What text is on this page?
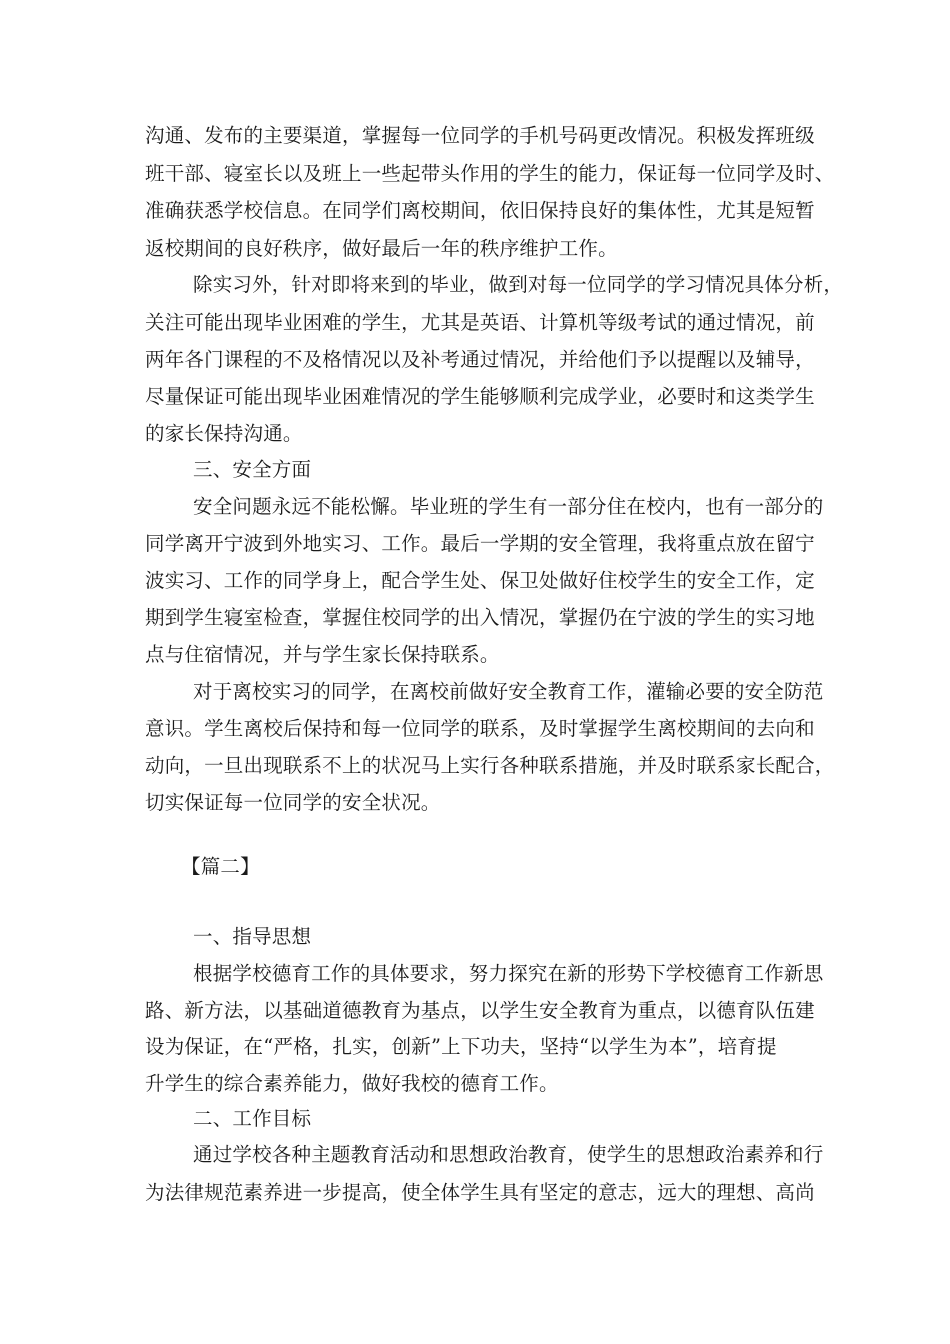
沟通、发布的主要渠道，掌握每一位同学的手机号码更改情况。积极发挥班级
班干部、寝室长以及班上一些起带头作用的学生的能力，保证每一位同学及时、
准确获悉学校信息。在同学们离校期间，依旧保持良好的集体性，尤其是短暂
返校期间的良好秩序，做好最后一年的秩序维护工作。
除实习外，针对即将来到的毕业，做到对每一位同学的学习情况具体分析，
关注可能出现毕业困难的学生，尤其是英语、计算机等级考试的通过情况，前
两年各门课程的不及格情况以及补考通过情况，并给他们予以提醒以及辅导，
尽量保证可能出现毕业困难情况的学生能够顺利完成学业，必要时和这类学生
的家长保持沟通。
三、安全方面
安全问题永远不能松懈。毕业班的学生有一部分住在校内，也有一部分的
同学离开宁波到外地实习、工作。最后一学期的安全管理，我将重点放在留宁
波实习、工作的同学身上，配合学生处、保卫处做好住校学生的安全工作，定
期到学生寝室检查，掌握住校同学的出入情况，掌握仍在宁波的学生的实习地
点与住宿情况，并与学生家长保持联系。
对于离校实习的同学，在离校前做好安全教育工作，灌输必要的安全防范
意识。学生离校后保持和每一位同学的联系，及时掌握学生离校期间的去向和
动向，一旦出现联系不上的状况马上实行各种联系措施，并及时联系家长配合，
切实保证每一位同学的安全状况。
【篇二】
一、指导思想
根据学校德育工作的具体要求，努力探究在新的形势下学校德育工作新思
路、新方法，以基础道德教育为基点，以学生安全教育为重点，以德育队伍建
设为保证，在“严格，扎实，创新”上下功夫，坚持“以学生为本”，培育提
升学生的综合素养能力，做好我校的德育工作。
二、工作目标
通过学校各种主题教育活动和思想政治教育，使学生的思想政治素养和行
为法律规范素养进一步提高，使全体学生具有坚定的意志，远大的理想、高尚
